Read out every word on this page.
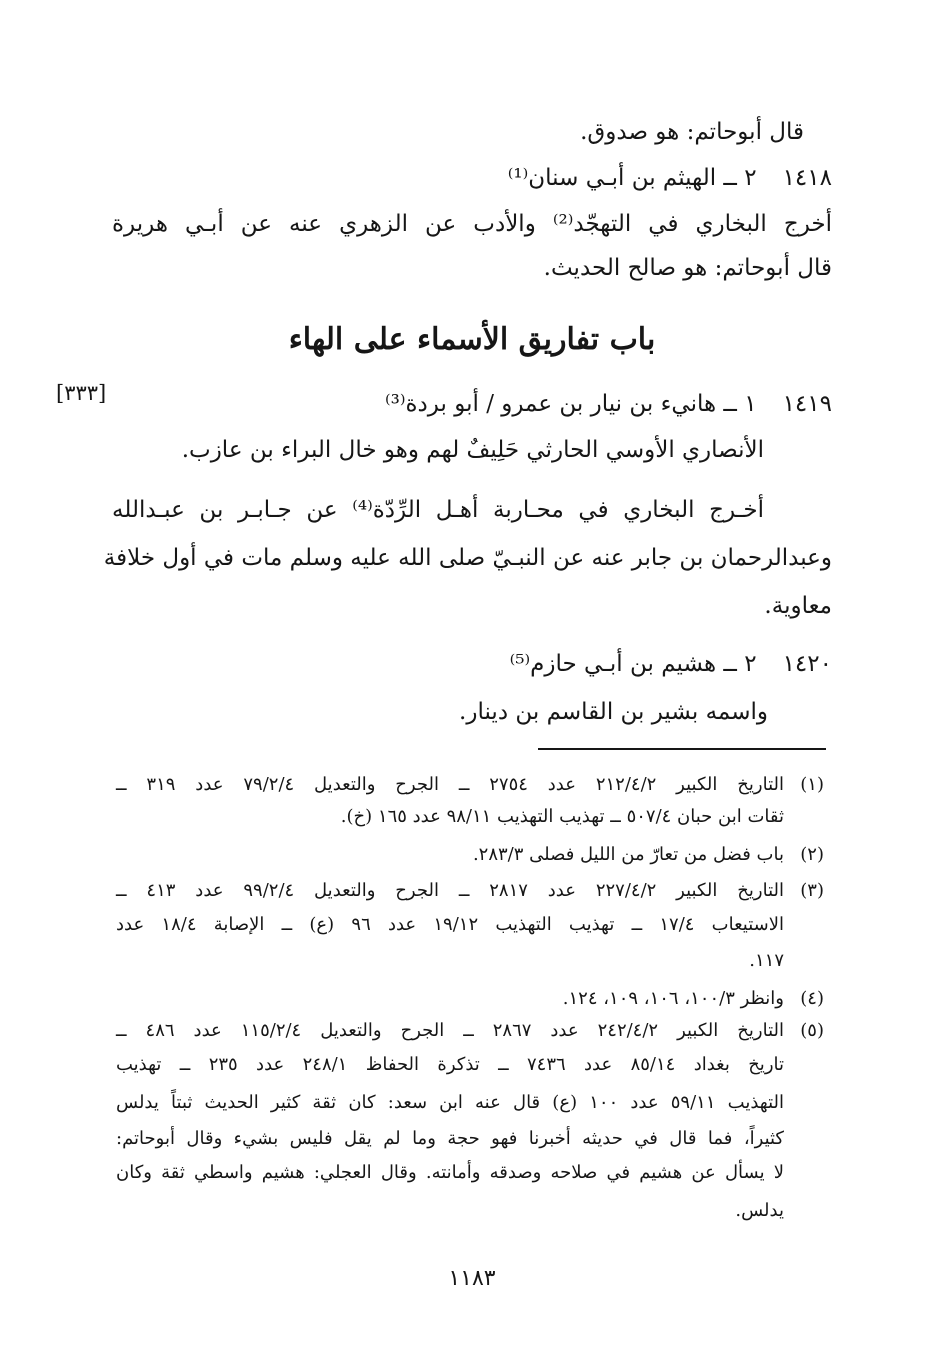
قال أبوحاتم: هو صدوق.

١٤١٨٢ ــ الهيثم بن أبـي سنان⁽¹⁾

أخرج البخاري في التهجّد⁽²⁾ والأدب عن الزهري عنه عن أبـي هريرة

قال أبوحاتم: هو صالح الحديث.

باب تفاريق الأسماء على الهاء
[٣٣٣]	١٤١٩١ ــ هانيء بن نيار بن عمرو / أبو بردة⁽³⁾

الأنصاري الأوسي الحارثي حَلِيفٌ لهم وهو خال البراء بن عازب.

أخـرج البخاري في محـاربة أهـل الرِّدّة⁽⁴⁾ عن جـابـر بن عبـدالله

وعبدالرحمان بن جابر عنه عن النبـيّ صلى الله عليه وسلم مات في أول خلافة

معاوية.

١٤٢٠٢ ــ هشيم بن أبـي حازم⁽⁵⁾

واسمه بشير بن القاسم بن دينار.

(١)
التاريخ الكبير ٢١٢/٤/٢ عدد ٢٧٥٤ ــ الجرح والتعديل ٧٩/٢/٤ عدد ٣١٩ ــ
ثقات ابن حبان ٥٠٧/٤ ــ تهذيب التهذيب ٩٨/١١ عدد ١٦٥ (خ).
(٢)
باب فضل من تعارّ من الليل فصلى ٢٨٣/٣.
(٣)
التاريخ الكبير ٢٢٧/٤/٢ عدد ٢٨١٧ ــ الجرح والتعديل ٩٩/٢/٤ عدد ٤١٣ ــ
الاستيعاب ١٧/٤ ــ تهذيب التهذيب ١٩/١٢ عدد ٩٦ (ع) ــ الإصابة ١٨/٤ عدد
١١٧.
(٤)
وانظر ١٠٠/٣، ١٠٦، ١٠٩، ١٢٤.
(٥)
التاريخ الكبير ٢٤٢/٤/٢ عدد ٢٨٦٧ ــ الجرح والتعديل ١١٥/٢/٤ عدد ٤٨٦ ــ
تاريخ بغداد ٨٥/١٤ عدد ٧٤٣٦ ــ تذكرة الحفاظ ٢٤٨/١ عدد ٢٣٥ ــ تهذيب
التهذيب ٥٩/١١ عدد ١٠٠ (ع) قال عنه ابن سعد: كان ثقة كثير الحديث ثبتاً يدلس
كثيراً، فما قال في حديثه أخبرنا فهو حجة وما لم يقل فليس بشيء وقال أبوحاتم:
لا يسأل عن هشيم في صلاحه وصدقه وأمانته. وقال العجلي: هشيم واسطي ثقة وكان
يدلس.
١١٨٣
